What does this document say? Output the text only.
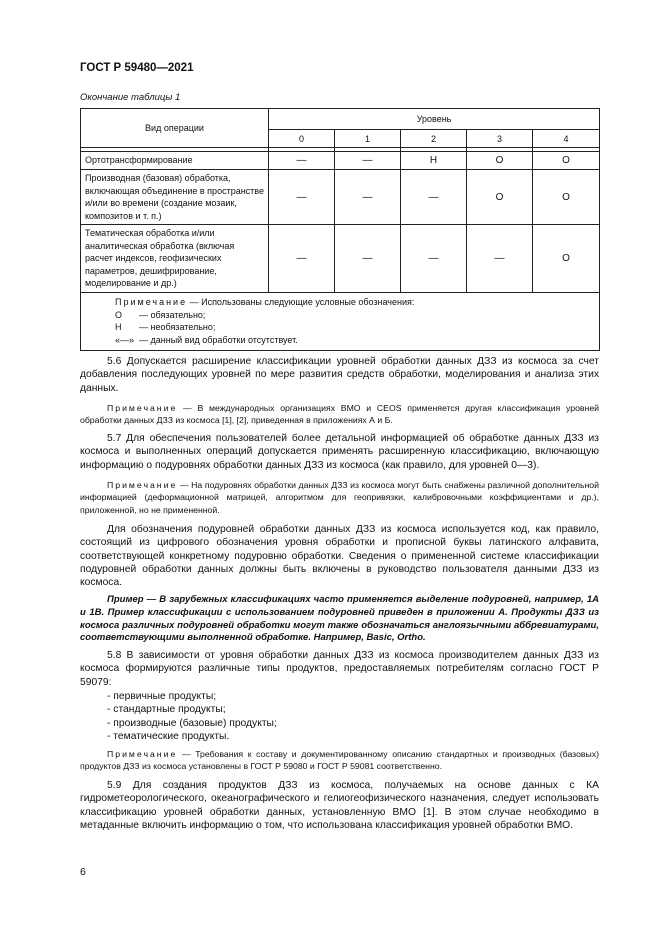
ГОСТ Р 59480—2021
Окончание таблицы 1
Вид операции	Уровень				
	0	1	2	3	4

Ортотрансформирование	—	—	Н	О	О
Производная (базовая) обработка, включающая объединение в пространстве и/или во времени (создание мозаик, композитов и т. п.)	—	—	—	О	О
Тематическая обработка и/или аналитическая обработка (включая расчет индексов, геофизических параметров, дешифрирование, моделирование и др.)	—	—	—	—	О

Примечание — Использованы следующие условные обозначения:
О — обязательно;
Н — необязательно;
«—» — данный вид обработки отсутствует.					

5.6 Допускается расширение классификации уровней обработки данных ДЗЗ из космоса за счет добавления последующих уровней по мере развития средств обработки, моделирования и анализа этих данных.

Примечание — В международных организациях ВМО и CEOS применяется другая классификация уровней обработки данных ДЗЗ из космоса [1], [2], приведенная в приложениях А и Б.

5.7 Для обеспечения пользователей более детальной информацией об обработке данных ДЗЗ из космоса и выполненных операций допускается применять расширенную классификацию, включающую информацию о подуровнях обработки данных ДЗЗ из космоса (как правило, для уровней 0—3).

Примечание — На подуровнях обработки данных ДЗЗ из космоса могут быть снабжены различной дополнительной информацией (деформационной матрицей, алгоритмом для геопривязки, калибровочными коэффициентами и др.), приложенной, но не примененной.

Для обозначения подуровней обработки данных ДЗЗ из космоса используется код, как правило, состоящий из цифрового обозначения уровня обработки и прописной буквы латинского алфавита, соответствующей конкретному подуровню обработки. Сведения о примененной системе классификации подуровней обработки данных должны быть включены в руководство пользователя данными ДЗЗ из космоса.

Пример — В зарубежных классификациях часто применяется выделение подуровней, например, 1А и 1В. Пример классификации с использованием подуровней приведен в приложении А. Продукты ДЗЗ из космоса различных подуровней обработки могут также обозначаться англоязычными аббревиатурами, соответствующими выполненной обработке. Например, Basic, Ortho.

5.8 В зависимости от уровня обработки данных ДЗЗ из космоса производителем данных ДЗЗ из космоса формируются различные типы продуктов, предоставляемых потребителям согласно ГОСТ Р 59079:

- первичные продукты;
- стандартные продукты;
- производные (базовые) продукты;
- тематические продукты.

Примечание — Требования к составу и документированному описанию стандартных и производных (базовых) продуктов ДЗЗ из космоса установлены в ГОСТ Р 59080 и ГОСТ Р 59081 соответственно.

5.9 Для создания продуктов ДЗЗ из космоса, получаемых на основе данных с КА гидрометеорологического, океанографического и гелиогеофизического назначения, следует использовать классификацию уровней обработки данных, установленную ВМО [1]. В этом случае необходимо в метаданные включить информацию о том, что использована классификация уровней обработки ВМО.

6
